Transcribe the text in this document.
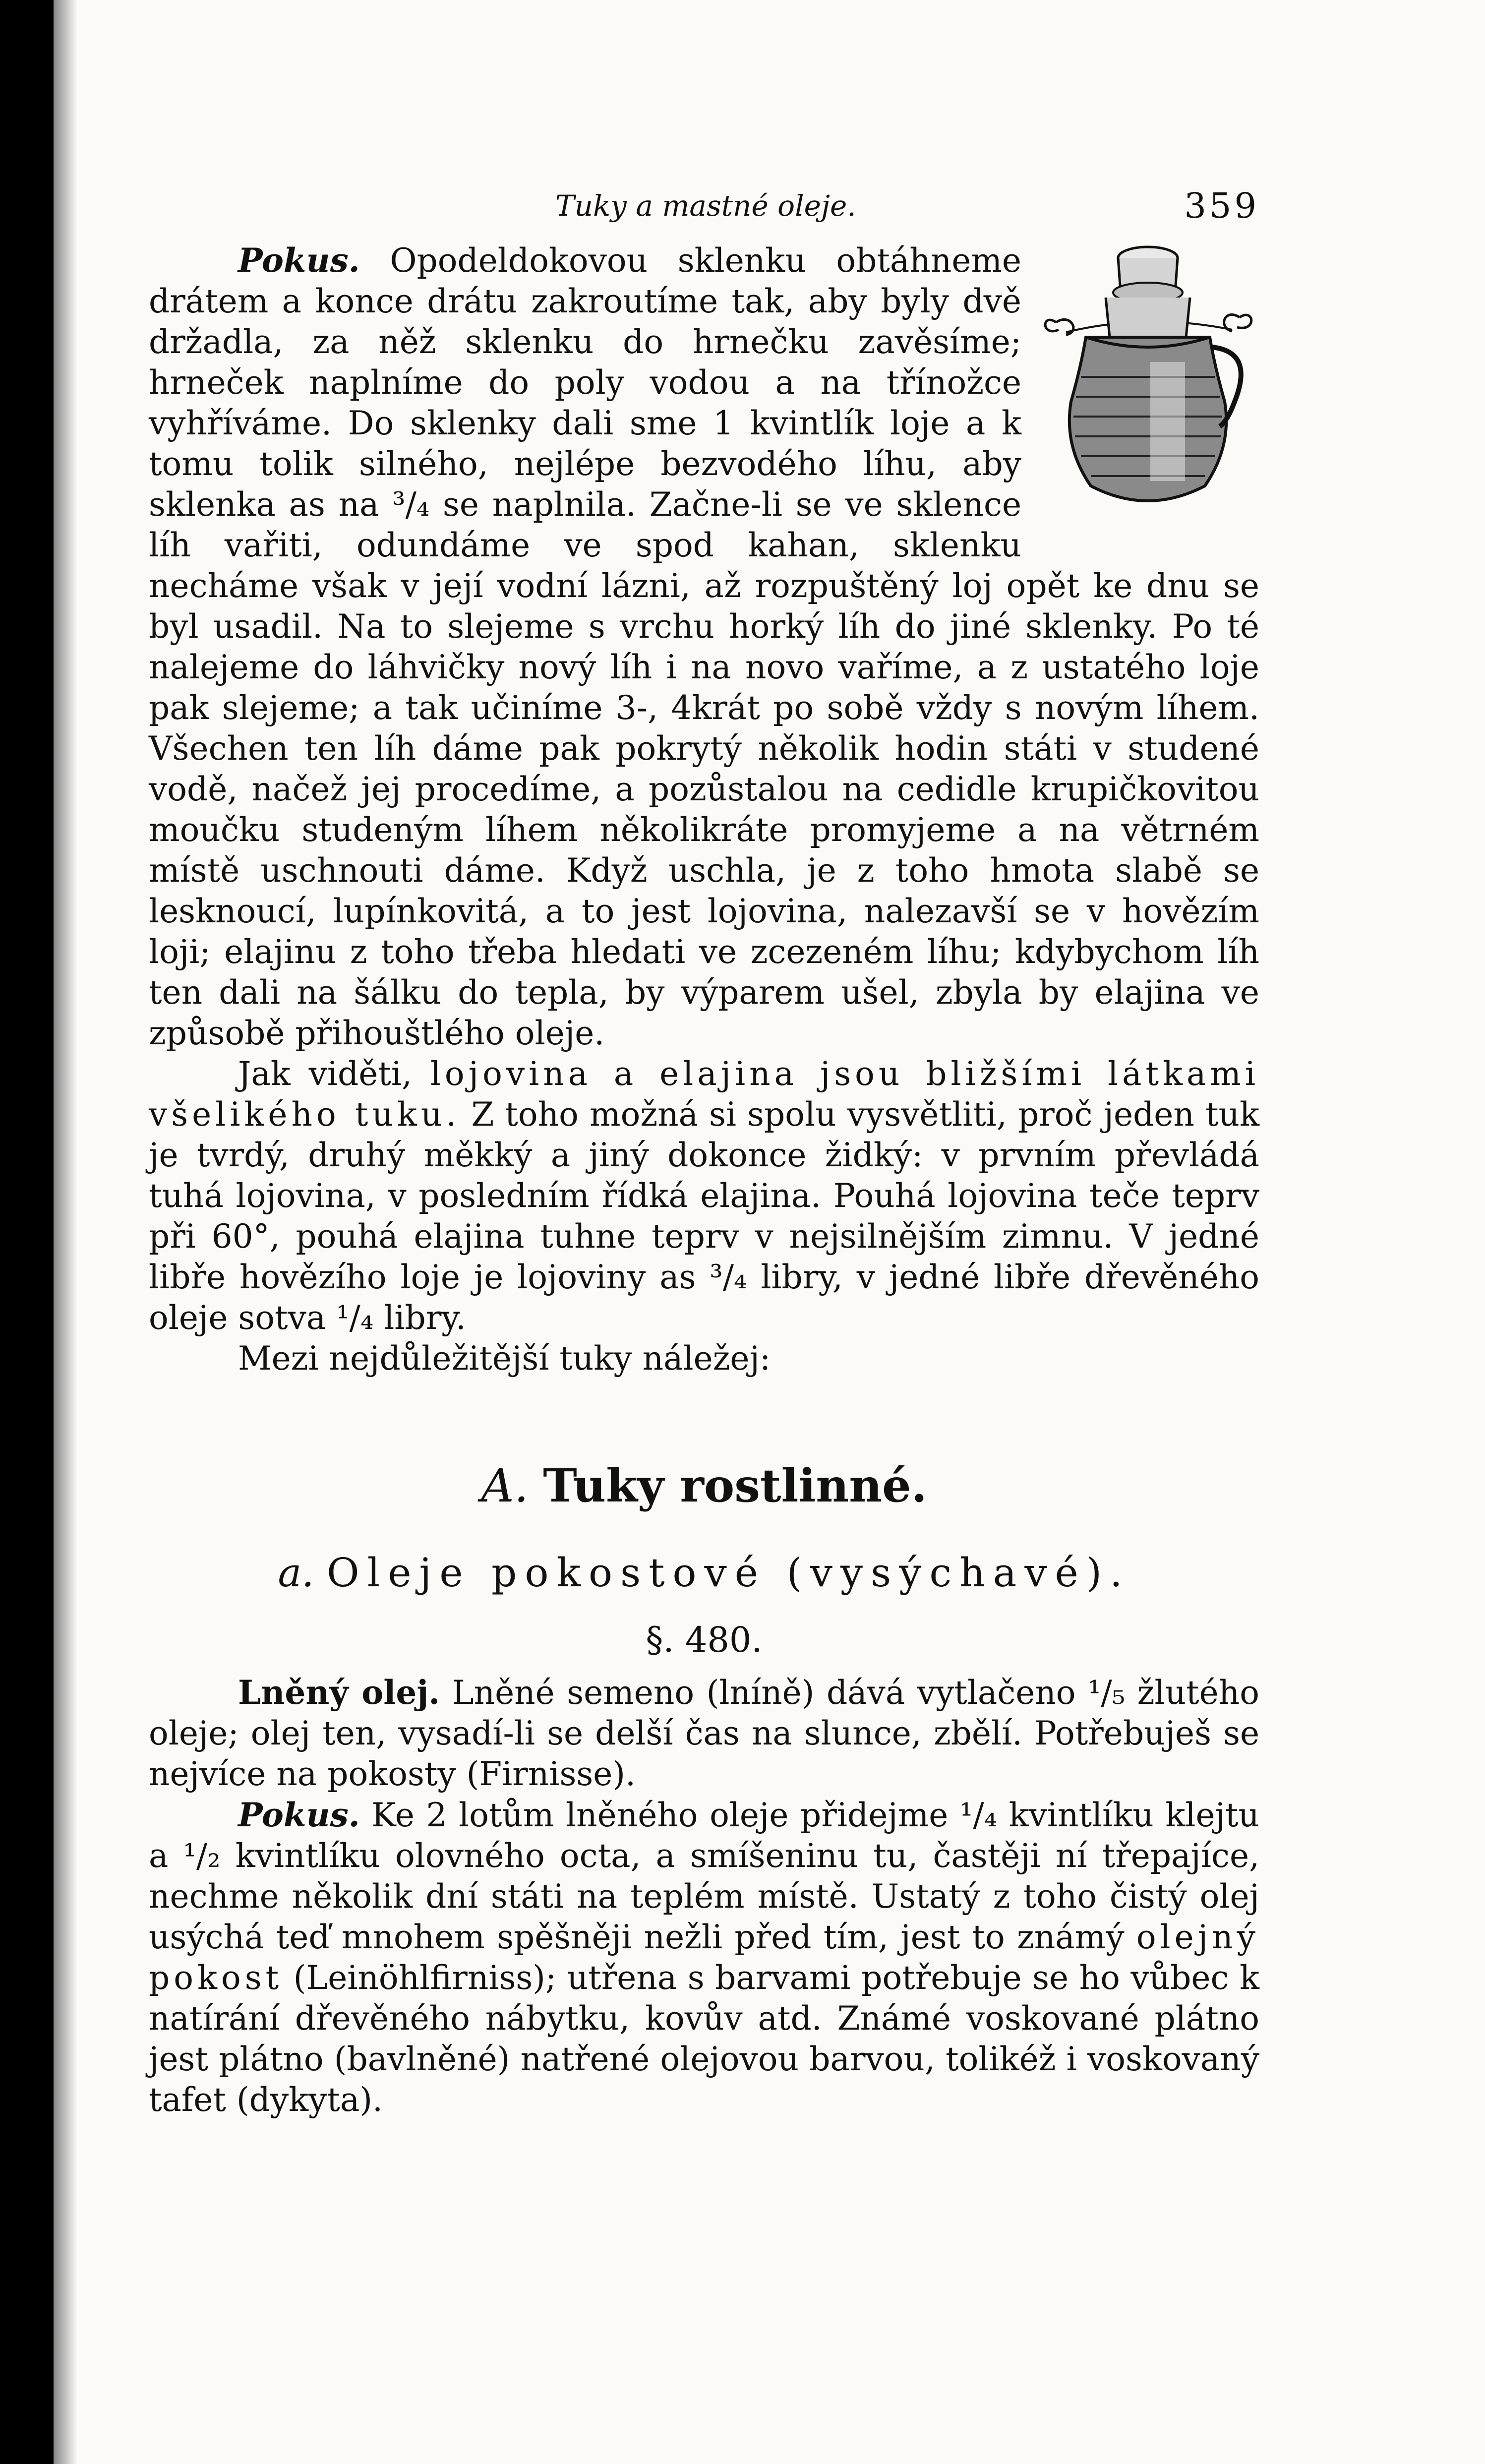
Tuky a mastné oleje.	359

Pokus. Opodeldokovou sklenku obtáhneme drátem a konce drátu zakroutíme tak, aby byly dvě držadla, za něž sklenku do hrnečku zavěsíme; hrneček naplníme do poly vodou a na třínožce vyhříváme. Do sklenky dali sme 1 kvintlík loje a k tomu tolik silného, nejlépe bezvodého líhu, aby sklenka as na ³/₄ se naplnila. Začne-li se ve sklence líh vařiti, odundáme ve spod kahan, sklenku necháme však v její vodní lázni, až rozpuštěný loj opět ke dnu se byl usadil. Na to slejeme s vrchu horký líh do jiné sklenky. Po té nalejeme do láhvičky nový líh i na novo vaříme, a z ustatého loje pak slejeme; a tak učiníme 3-, 4krát po sobě vždy s novým líhem. Všechen ten líh dáme pak pokrytý několik hodin státi v studené vodě, načež jej procedíme, a pozůstalou na cedidle krupičkovitou moučku studeným líhem několikráte promyjeme a na větrném místě uschnouti dáme. Když uschla, je z toho hmota slabě se lesknoucí, lupínkovitá, a to jest lojovina, nalezavší se v hovězím loji; elajinu z toho třeba hledati ve zcezeném líhu; kdybychom líh ten dali na šálku do tepla, by výparem ušel, zbyla by elajina ve způsobě přihouštlého oleje.

Jak viděti, lojovina a elajina jsou bližšími látkami všelikého tuku. Z toho možná si spolu vysvětliti, proč jeden tuk je tvrdý, druhý měkký a jiný dokonce židký: v prvním převládá tuhá lojovina, v posledním řídká elajina. Pouhá lojovina teče teprv při 60°, pouhá elajina tuhne teprv v nejsilnějším zimnu. V jedné libře hovězího loje je lojoviny as ³/₄ libry, v jedné libře dřevěného oleje sotva ¹/₄ libry.

Mezi nejdůležitější tuky náležej:

A. Tuky rostlinné.
a. Oleje pokostové (vysýchavé).
§. 480.

Lněný olej. Lněné semeno (lníně) dává vytlačeno ¹/₅ žlutého oleje; olej ten, vysadí-li se delší čas na slunce, zbělí. Potřebuješ se nejvíce na pokosty (Firnisse).

Pokus. Ke 2 lotům lněného oleje přidejme ¹/₄ kvintlíku klejtu a ¹/₂ kvintlíku olovného octa, a smíšeninu tu, častěji ní třepajíce, nechme několik dní státi na teplém místě. Ustatý z toho čistý olej usýchá teď mnohem spěšněji nežli před tím, jest to známý olejný pokost (Leinöhlfirniss); utřena s barvami potřebuje se ho vůbec k natírání dřevěného nábytku, kovův atd. Známé voskované plátno jest plátno (bavlněné) natřené olejovou barvou, tolikéž i voskovaný tafet (dykyta).
